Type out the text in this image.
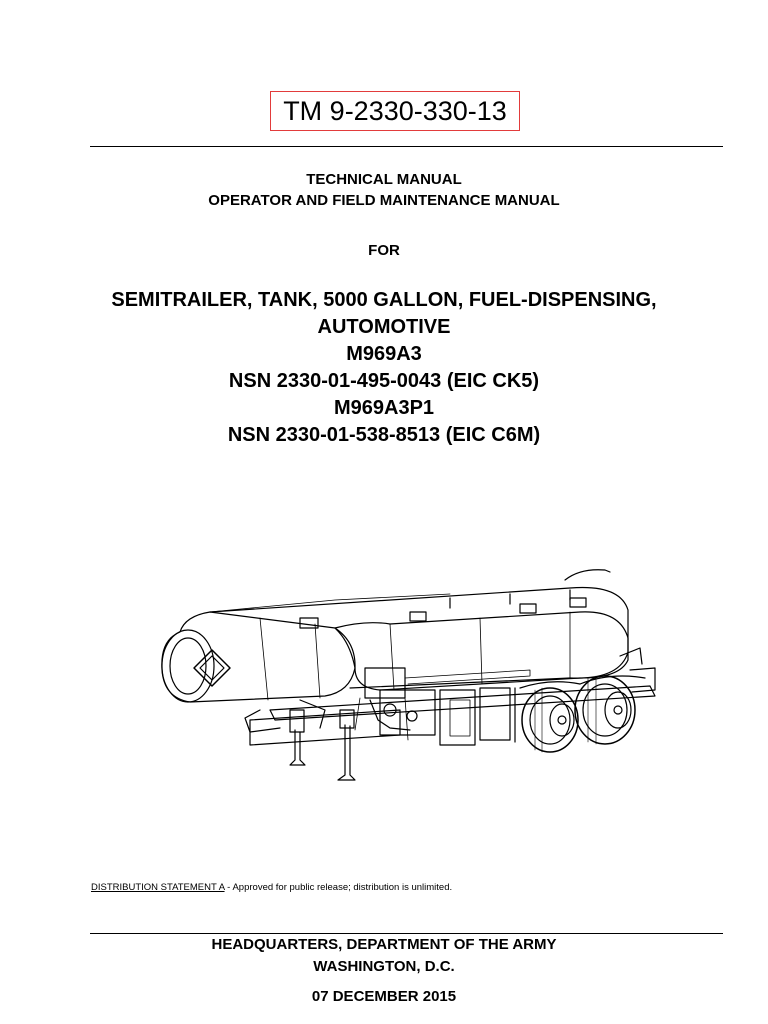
TM 9-2330-330-13
TECHNICAL MANUAL
OPERATOR AND FIELD MAINTENANCE MANUAL
FOR
SEMITRAILER, TANK, 5000 GALLON, FUEL-DISPENSING,
AUTOMOTIVE
M969A3
NSN 2330-01-495-0043 (EIC CK5)
M969A3P1
NSN 2330-01-538-8513 (EIC C6M)
DISTRIBUTION STATEMENT A - Approved for public release; distribution is unlimited.
HEADQUARTERS, DEPARTMENT OF THE ARMY
WASHINGTON, D.C.
07 DECEMBER 2015
